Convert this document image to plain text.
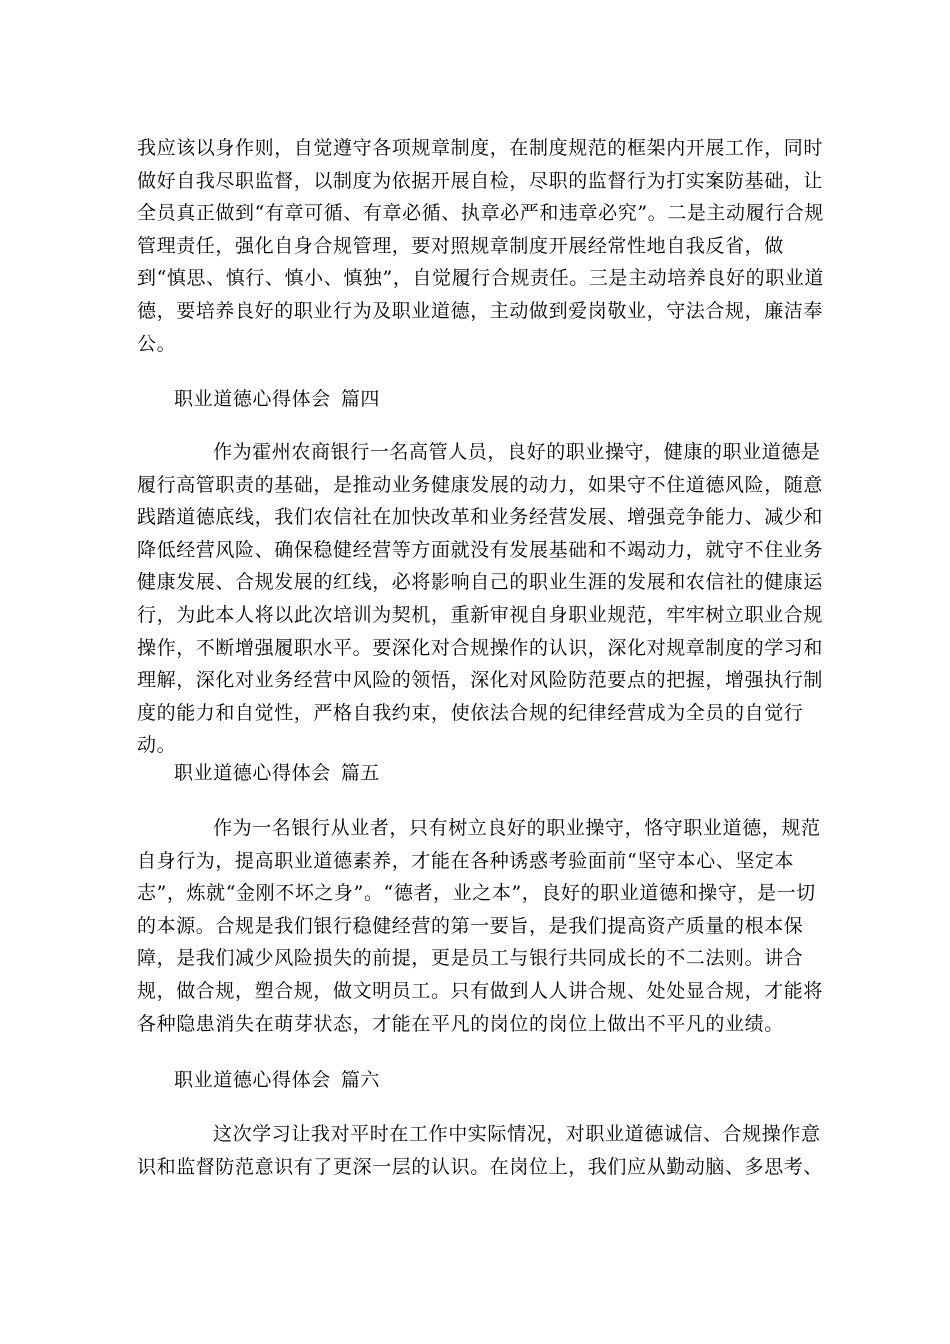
我应该以身作则，自觉遵守各项规章制度，在制度规范的框架内开展工作，同时做好自我尽职监督，以制度为依据开展自检，尽职的监督行为打实案防基础，让全员真正做到“有章可循、有章必循、执章必严和违章必究”。二是主动履行合规管理责任，强化自身合规管理，要对照规章制度开展经常性地自我反省，做到“慎思、慎行、慎小、慎独”，自觉履行合规责任。三是主动培养良好的职业道德，要培养良好的职业行为及职业道德，主动做到爱岗敬业，守法合规，廉洁奉公。

职业道德心得体会 篇四

作为霍州农商银行一名高管人员，良好的职业操守，健康的职业道德是履行高管职责的基础，是推动业务健康发展的动力，如果守不住道德风险，随意践踏道德底线，我们农信社在加快改革和业务经营发展、增强竞争能力、减少和降低经营风险、确保稳健经营等方面就没有发展基础和不竭动力，就守不住业务健康发展、合规发展的红线，必将影响自己的职业生涯的发展和农信社的健康运行，为此本人将以此次培训为契机，重新审视自身职业规范，牢牢树立职业合规操作，不断增强履职水平。要深化对合规操作的认识，深化对规章制度的学习和理解，深化对业务经营中风险的领悟，深化对风险防范要点的把握，增强执行制度的能力和自觉性，严格自我约束，使依法合规的纪律经营成为全员的自觉行动。

职业道德心得体会 篇五

作为一名银行从业者，只有树立良好的职业操守，恪守职业道德，规范自身行为，提高职业道德素养，才能在各种诱惑考验面前“坚守本心、坚定本志”，炼就“金刚不坏之身”。“德者，业之本”，良好的职业道德和操守，是一切的本源。合规是我们银行稳健经营的第一要旨，是我们提高资产质量的根本保障，是我们减少风险损失的前提，更是员工与银行共同成长的不二法则。讲合规，做合规，塑合规，做文明员工。只有做到人人讲合规、处处显合规，才能将各种隐患消失在萌芽状态，才能在平凡的岗位的岗位上做出不平凡的业绩。

职业道德心得体会 篇六

这次学习让我对平时在工作中实际情况，对职业道德诚信、合规操作意识和监督防范意识有了更深一层的认识。在岗位上，我们应从勤动脑、多思考、
